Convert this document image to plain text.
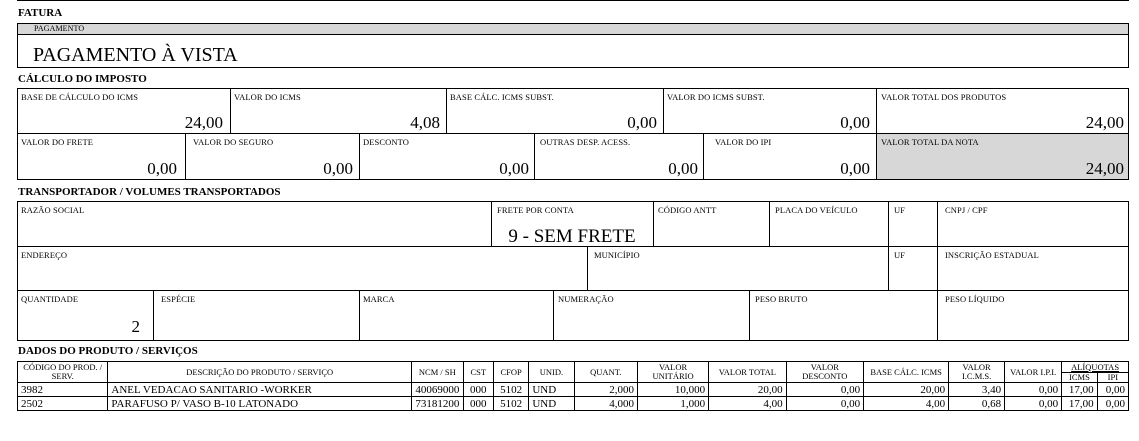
FATURA
PAGAMENTO
PAGAMENTO À VISTA
CÁLCULO DO IMPOSTO
BASE DE CÁLCULO DO ICMS
24,00
VALOR DO ICMS
4,08
BASE CÁLC. ICMS SUBST.
0,00
VALOR DO ICMS SUBST.
0,00
VALOR TOTAL DOS PRODUTOS
24,00
VALOR DO FRETE
0,00
VALOR DO SEGURO
0,00
DESCONTO
0,00
OUTRAS DESP. ACESS.
0,00
VALOR DO IPI
0,00
VALOR TOTAL DA NOTA
24,00
TRANSPORTADOR / VOLUMES TRANSPORTADOS
RAZÃO SOCIAL	FRETE POR CONTA
9 - SEM FRETE
CÓDIGO ANTT	PLACA DO VEÍCULO	UF	CNPJ / CPF
ENDEREÇO	MUNICÍPIO	UF	INSCRIÇÃO ESTADUAL
QUANTIDADE
2
ESPÉCIE	MARCA	NUMERAÇÃO	PESO BRUTO	PESO LÍQUIDO
DADOS DO PRODUTO / SERVIÇOS
CÓDIGO DO PROD. / SERV.	DESCRIÇÃO DO PRODUTO / SERVIÇO	NCM / SH	CST	CFOP	UNID.	QUANT.	VALOR UNITÁRIO	VALOR TOTAL	VALOR DESCONTO	BASE CÁLC. ICMS	VALOR I.C.M.S.	VALOR I.P.I.	ALÍQUOTAS
ICMS IPI	

3982	ANEL VEDACAO SANITARIO -WORKER	40069000	000	5102	UND	2,000	10,000	20,00	0,00	20,00	3,40	0,00	17,00	0,00
2502	PARAFUSO P/ VASO B-10 LATONADO	73181200	000	5102	UND	4,000	1,000	4,00	0,00	4,00	0,68	0,00	17,00	0,00
